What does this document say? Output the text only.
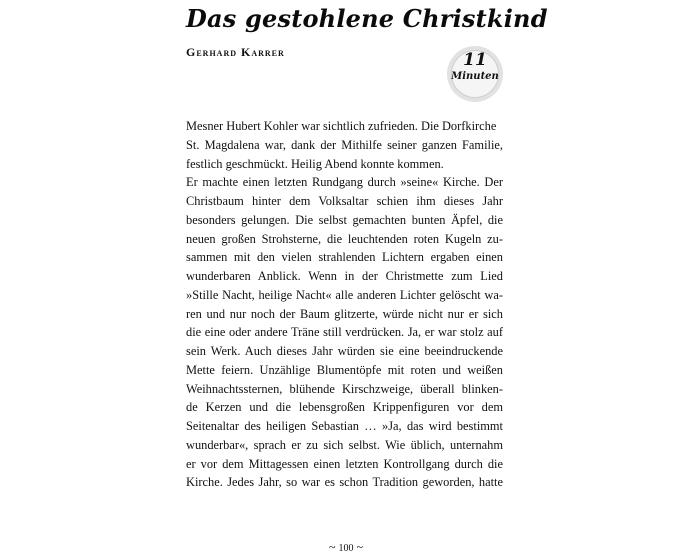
Das gestohlene Christkind
Gerhard Karrer	11
Minuten
Mesner Hubert Kohler war sichtlich zufrieden. Die Dorfkirche
St. Magdalena war, dank der Mithilfe seiner ganzen Familie,
festlich geschmückt. Heilig Abend konnte kommen.
Er machte einen letzten Rundgang durch »seine« Kirche. Der
Christbaum hinter dem Volksaltar schien ihm dieses Jahr
besonders gelungen. Die selbst gemachten bunten Äpfel, die
neuen großen Strohsterne, die leuchtenden roten Kugeln zu-
sammen mit den vielen strahlenden Lichtern ergaben einen
wunderbaren Anblick. Wenn in der Christmette zum Lied
»Stille Nacht, heilige Nacht« alle anderen Lichter gelöscht wa-
ren und nur noch der Baum glitzerte, würde nicht nur er sich
die eine oder andere Träne still verdrücken. Ja, er war stolz auf
sein Werk. Auch dieses Jahr würden sie eine beeindruckende
Mette feiern. Unzählige Blumentöpfe mit roten und weißen
Weihnachtssternen, blühende Kirschzweige, überall blinken-
de Kerzen und die lebensgroßen Krippenfiguren vor dem
Seitenaltar des heiligen Sebastian … »Ja, das wird bestimmt
wunderbar«, sprach er zu sich selbst. Wie üblich, unternahm
er vor dem Mittagessen einen letzten Kontrollgang durch die
Kirche. Jedes Jahr, so war es schon Tradition geworden, hatte
~ 100 ~
